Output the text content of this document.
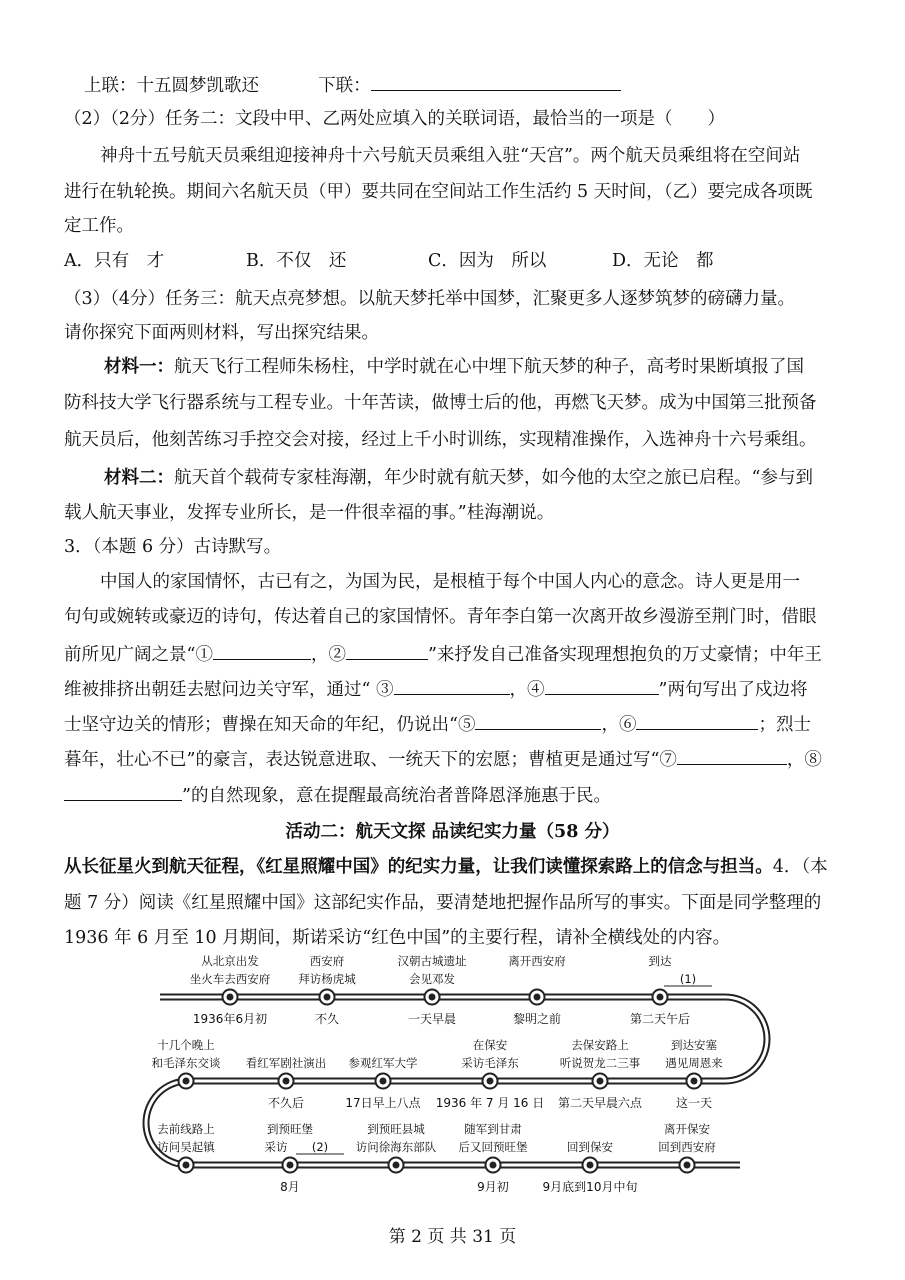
上联：十五圆梦凯歌还	下联：
（2）（2分）任务二：文段中甲、乙两处应填入的关联词语，最恰当的一项是（　　）
神舟十五号航天员乘组迎接神舟十六号航天员乘组入驻“天宫”。两个航天员乘组将在空间站
进行在轨轮换。期间六名航天员（甲）要共同在空间站工作生活约 5 天时间，（乙）要完成各项既
定工作。
A．只有　才	B．不仅　还	C．因为　所以	D．无论　都
（3）（4分）任务三：航天点亮梦想。以航天梦托举中国梦，汇聚更多人逐梦筑梦的磅礴力量。
请你探究下面两则材料，写出探究结果。
材料一：航天飞行工程师朱杨柱，中学时就在心中埋下航天梦的种子，高考时果断填报了国
防科技大学飞行器系统与工程专业。十年苦读，做博士后的他，再燃飞天梦。成为中国第三批预备
航天员后，他刻苦练习手控交会对接，经过上千小时训练，实现精准操作，入选神舟十六号乘组。
材料二：航天首个载荷专家桂海潮，年少时就有航天梦，如今他的太空之旅已启程。“参与到
载人航天事业，发挥专业所长，是一件很幸福的事。”桂海潮说。
3．（本题 6 分）古诗默写。
中国人的家国情怀，古已有之，为国为民，是根植于每个中国人内心的意念。诗人更是用一
句句或婉转或豪迈的诗句，传达着自己的家国情怀。青年李白第一次离开故乡漫游至荆门时，借眼
前所见广阔之景“①	，②	”来抒发自己准备实现理想抱负的万丈豪情；中年王
维被排挤出朝廷去慰问边关守军，通过“ ③	，④	”两句写出了戍边将
士坚守边关的情形；曹操在知天命的年纪，仍说出“⑤	，⑥	；烈士
暮年，壮心不已”的豪言，表达锐意进取、一统天下的宏愿；曹植更是通过写“⑦	，⑧
”的自然现象，意在提醒最高统治者普降恩泽施惠于民。
活动二：航天文探 品读纪实力量（58 分）
从长征星火到航天征程，《红星照耀中国》的纪实力量，让我们读懂探索路上的信念与担当。4．（本
题 7 分）阅读《红星照耀中国》这部纪实作品，要清楚地把握作品所写的事实。下面是同学整理的
1936 年 6 月至 10 月期间，斯诺采访“红色中国”的主要行程，请补全横线处的内容。
从北京出发
坐火车去西安府
1936年6月初
西安府
拜访杨虎城
不久
汉朝古城遗址
会见邓发
一天早晨
离开西安府
黎明之前
到达
(1)
第二天午后
十几个晚上
和毛泽东交谈 看红军剧社演出
不久后
参观红军大学
17日早上八点
在保安
采访毛泽东
1936 年 7 月 16 日
去保安路上
听说贺龙二三事
第二天早晨六点
到达安塞
遇见周恩来
这一天
去前线路上
访问吴起镇
到预旺堡
采访 (2)
8月
到预旺县城
访问徐海东部队
随军到甘肃
后又回预旺堡
9月初
回到保安
9月底到10月中旬
离开保安
回到西安府
第 2 页 共 31 页
